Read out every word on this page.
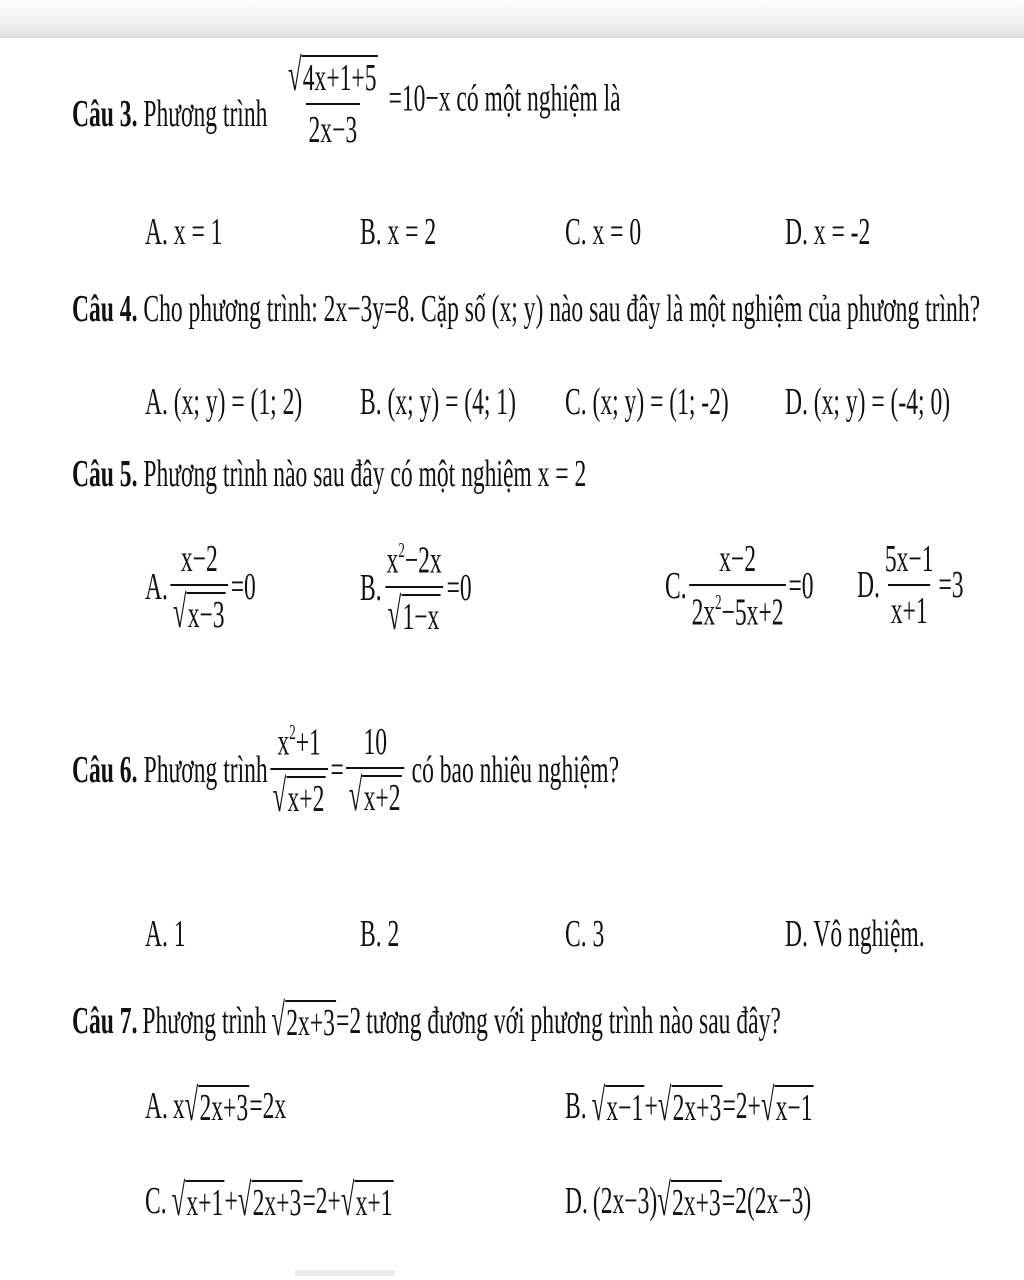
Câu 3. Phương trình $\frac{√ 4x+1+5}{2x-3} =10-x$ có một nghiệm là
A. x = 1	B. x = 2	C. x = 0	D. x = -2
Câu 4. Cho phương trình: 2x−3y=8. Cặp số (x; y) nào sau đây là một nghiệm của phương trình?
A. (x; y) = (1; 2) B. (x; y) = (4; 1) C. (x; y) = (1; -2) D. (x; y) = (-4; 0)
Câu 5. Phương trình nào sau đây có một nghiệm x = 2
A. $\frac{x-2}{√ x-3} =0$	B. $\frac{x^2-2x}{√ 1-x} =0$	C. $\frac{x-2}{2x^2-5x+2} =0$ D. $\frac{5x-1}{x+1} =3$
Câu 6. Phương trình $\frac{x^2+1}{√ x+2} = \frac{10}{√ x+2}$ có bao nhiêu nghiệm?
A. 1	B. 2	C. 3	D. Vô nghiệm.
Câu 7. Phương trình √ 2x+3 =2 tương đương với phương trình nào sau đây?
A. x √ 2x+3 =2x	B. √ x−1 + √ 2x+3 =2+ √ x−1
C. √ x+1 + √ 2x+3 =2+ √ x+1	D. (2x−3) √ 2x+3 =2(2x−3)
